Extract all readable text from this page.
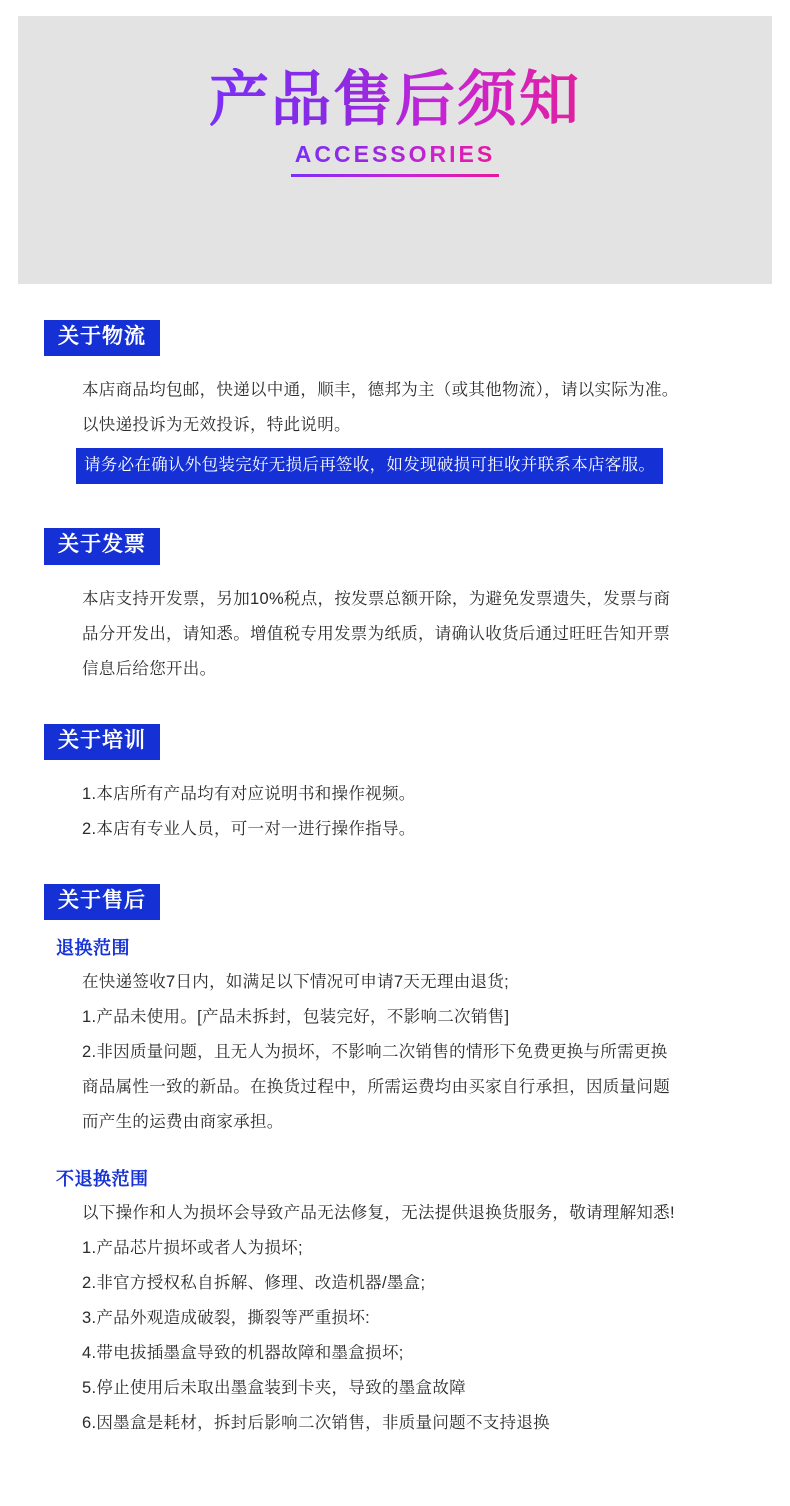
产品售后须知
ACCESSORIES
关于物流

本店商品均包邮，快递以中通，顺丰，德邦为主（或其他物流），请以实际为准。

以快递投诉为无效投诉，特此说明。

请务必在确认外包装完好无损后再签收，如发现破损可拒收并联系本店客服。
关于发票

本店支持开发票，另加10%税点，按发票总额开除，为避免发票遗失，发票与商

品分开发出，请知悉。增值税专用发票为纸质，请确认收货后通过旺旺告知开票

信息后给您开出。

关于培训

1.本店所有产品均有对应说明书和操作视频。

2.本店有专业人员，可一对一进行操作指导。

关于售后
退换范围

在快递签收7日内，如满足以下情况可申请7天无理由退货;

1.产品未使用。[产品未拆封，包装完好，不影响二次销售]

2.非因质量问题，且无人为损坏，不影响二次销售的情形下免费更换与所需更换

商品属性一致的新品。在换货过程中，所需运费均由买家自行承担，因质量问题

而产生的运费由商家承担。

不退换范围

以下操作和人为损坏会导致产品无法修复，无法提供退换货服务，敬请理解知悉!

1.产品芯片损坏或者人为损坏;

2.非官方授权私自拆解、修理、改造机器/墨盒;

3.产品外观造成破裂，撕裂等严重损坏:

4.带电拔插墨盒导致的机器故障和墨盒损坏;

5.停止使用后未取出墨盒装到卡夹，导致的墨盒故障

6.因墨盒是耗材，拆封后影响二次销售，非质量问题不支持退换
